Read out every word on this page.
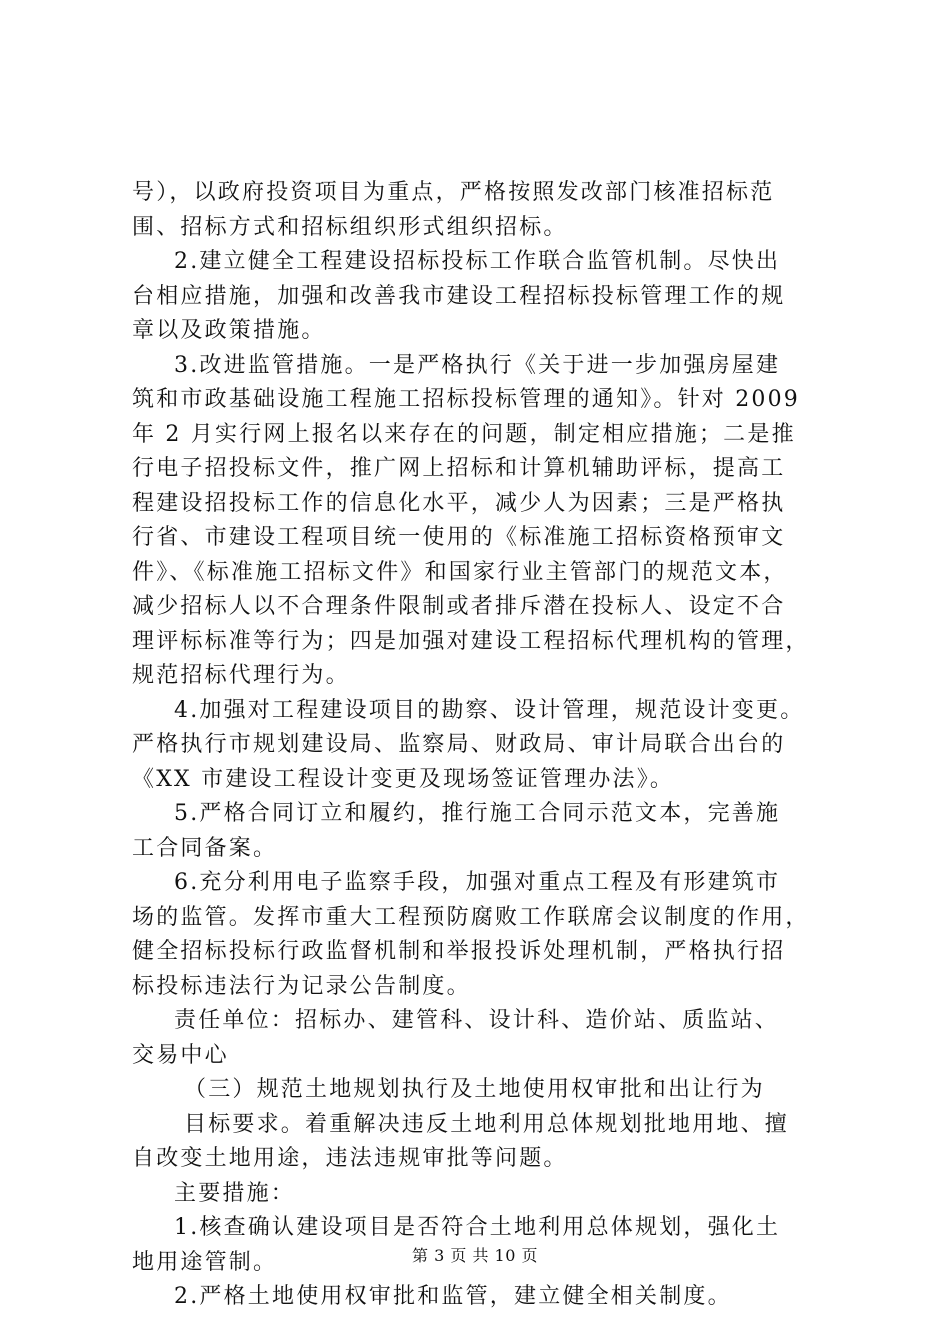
号），以政府投资项目为重点，严格按照发改部门核准招标范
围、招标方式和招标组织形式组织招标。
2.建立健全工程建设招标投标工作联合监管机制。尽快出
台相应措施，加强和改善我市建设工程招标投标管理工作的规
章以及政策措施。
3.改进监管措施。一是严格执行《关于进一步加强房屋建
筑和市政基础设施工程施工招标投标管理的通知》。针对 2009
年 2 月实行网上报名以来存在的问题，制定相应措施；二是推
行电子招投标文件，推广网上招标和计算机辅助评标，提高工
程建设招投标工作的信息化水平，减少人为因素；三是严格执
行省、市建设工程项目统一使用的《标准施工招标资格预审文
件》、《标准施工招标文件》和国家行业主管部门的规范文本，
减少招标人以不合理条件限制或者排斥潜在投标人、设定不合
理评标标准等行为；四是加强对建设工程招标代理机构的管理，
规范招标代理行为。
4.加强对工程建设项目的勘察、设计管理，规范设计变更。
严格执行市规划建设局、监察局、财政局、审计局联合出台的
《XX 市建设工程设计变更及现场签证管理办法》。
5.严格合同订立和履约，推行施工合同示范文本，完善施
工合同备案。
6.充分利用电子监察手段，加强对重点工程及有形建筑市
场的监管。发挥市重大工程预防腐败工作联席会议制度的作用，
健全招标投标行政监督机制和举报投诉处理机制，严格执行招
标投标违法行为记录公告制度。
责任单位：招标办、建管科、设计科、造价站、质监站、
交易中心
（三）规范土地规划执行及土地使用权审批和出让行为
目标要求。着重解决违反土地利用总体规划批地用地、擅
自改变土地用途，违法违规审批等问题。
主要措施：
1.核查确认建设项目是否符合土地利用总体规划，强化土
地用途管制。
2.严格土地使用权审批和监管，建立健全相关制度。
第 3 页 共 10 页
